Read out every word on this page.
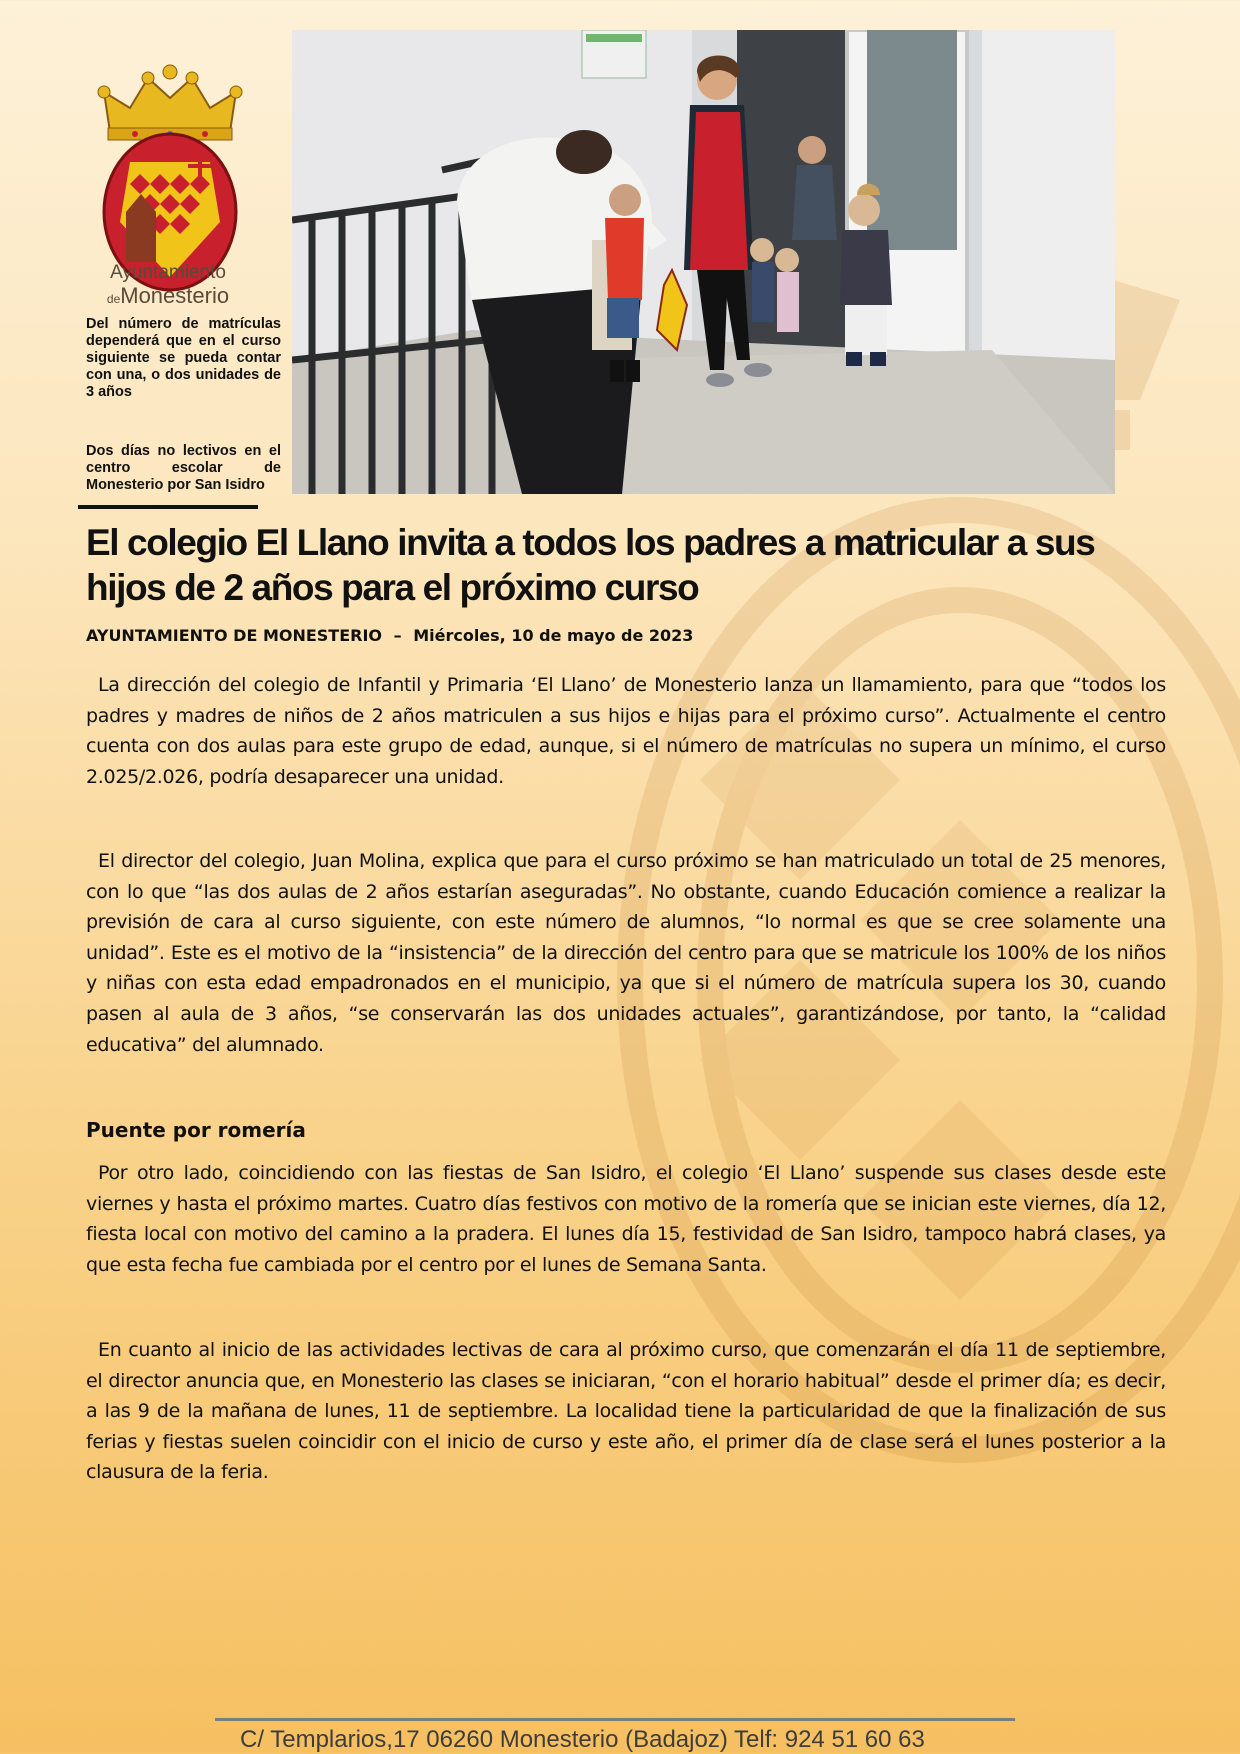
Ayuntamiento
deMonesterio

Del número de matrículas dependerá que en el curso siguiente se pueda contar con una, o dos unidades de 3 años

Dos días no lectivos en el centro escolar de Monesterio por San Isidro

El colegio El Llano invita a todos los padres a matricular a sus hijos de 2 años para el próximo curso
AYUNTAMIENTO DE MONESTERIO – Miércoles, 10 de mayo de 2023

La dirección del colegio de Infantil y Primaria ‘El Llano’ de Monesterio lanza un llamamiento, para que “todos los padres y madres de niños de 2 años matriculen a sus hijos e hijas para el próximo curso”. Actualmente el centro cuenta con dos aulas para este grupo de edad, aunque, si el número de matrículas no supera un mínimo, el curso 2.025/2.026, podría desaparecer una unidad.

El director del colegio, Juan Molina, explica que para el curso próximo se han matriculado un total de 25 menores, con lo que “las dos aulas de 2 años estarían aseguradas”. No obstante, cuando Educación comience a realizar la previsión de cara al curso siguiente, con este número de alumnos, “lo normal es que se cree solamente una unidad”. Este es el motivo de la “insistencia” de la dirección del centro para que se matricule los 100% de los niños y niñas con esta edad empadronados en el municipio, ya que si el número de matrícula supera los 30, cuando pasen al aula de 3 años, “se conservarán las dos unidades actuales”, garantizándose, por tanto, la “calidad educativa” del alumnado.

Puente por romería

Por otro lado, coincidiendo con las fiestas de San Isidro, el colegio ‘El Llano’ suspende sus clases desde este viernes y hasta el próximo martes. Cuatro días festivos con motivo de la romería que se inician este viernes, día 12, fiesta local con motivo del camino a la pradera. El lunes día 15, festividad de San Isidro, tampoco habrá clases, ya que esta fecha fue cambiada por el centro por el lunes de Semana Santa.

En cuanto al inicio de las actividades lectivas de cara al próximo curso, que comenzarán el día 11 de septiembre, el director anuncia que, en Monesterio las clases se iniciaran, “con el horario habitual” desde el primer día; es decir, a las 9 de la mañana de lunes, 11 de septiembre. La localidad tiene la particularidad de que la finalización de sus ferias y fiestas suelen coincidir con el inicio de curso y este año, el primer día de clase será el lunes posterior a la clausura de la feria.

C/ Templarios,17 06260 Monesterio (Badajoz) Telf: 924 51 60 63
